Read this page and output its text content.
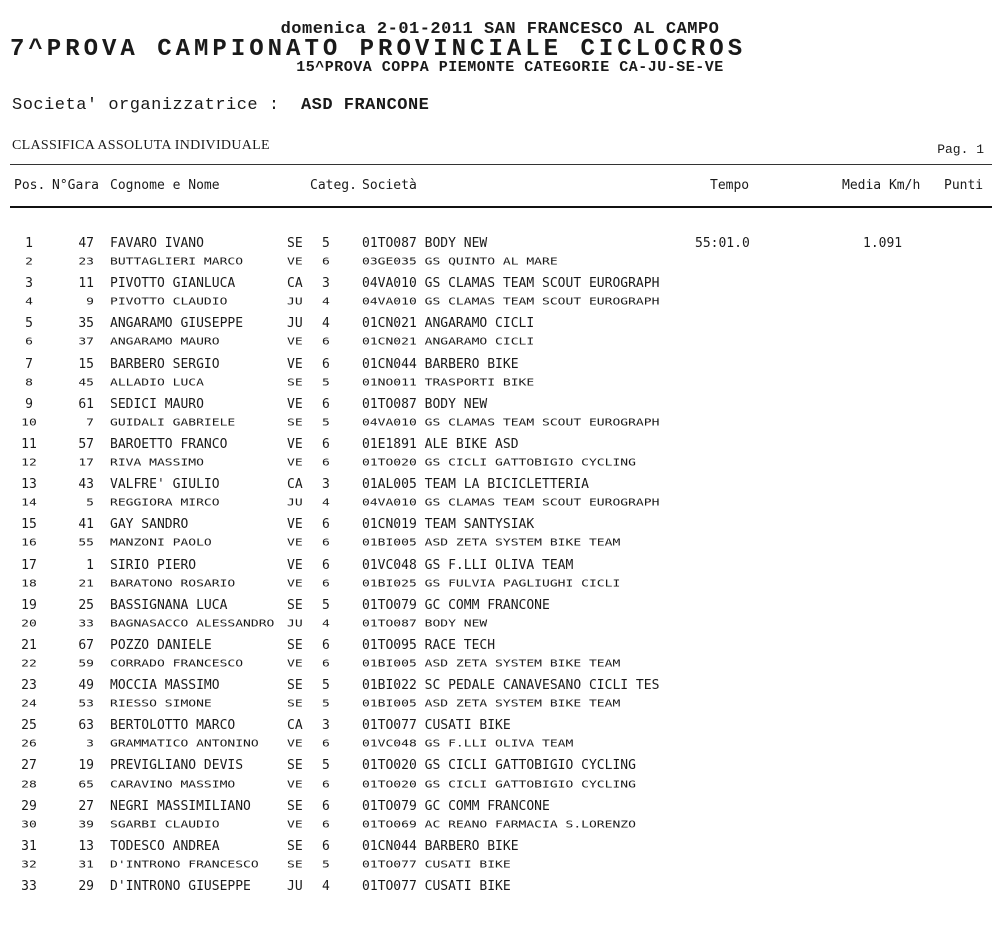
domenica 2-01-2011 SAN FRANCESCO AL CAMPO
7^PROVA CAMPIONATO PROVINCIALE CICLOCROS
15^PROVA COPPA PIEMONTE CATEGORIE CA-JU-SE-VE
Societa' organizzatrice : ASD FRANCONE
CLASSIFICA ASSOLUTA INDIVIDUALE	Pag. 1
Pos. N°Gara Cognome e Nome	Categ. Società	Tempo	Media Km/h Punti
1	47 FAVARO IVANO	SE 5 01TO087 BODY NEW	55:01.0	1.091
2	23 BUTTAGLIERI MARCO	VE 6 03GE035 GS QUINTO AL MARE
3	11 PIVOTTO GIANLUCA	CA 3 04VA010 GS CLAMAS TEAM SCOUT EUROGRAPH
4	9 PIVOTTO CLAUDIO	JU 4 04VA010 GS CLAMAS TEAM SCOUT EUROGRAPH
5	35 ANGARAMO GIUSEPPE	JU 4 01CN021 ANGARAMO CICLI
6	37 ANGARAMO MAURO	VE 6 01CN021 ANGARAMO CICLI
7	15 BARBERO SERGIO	VE 6 01CN044 BARBERO BIKE
8	45 ALLADIO LUCA	SE 5 01NO011 TRASPORTI BIKE
9	61 SEDICI MAURO	VE 6 01TO087 BODY NEW
10	7 GUIDALI GABRIELE	SE 5 04VA010 GS CLAMAS TEAM SCOUT EUROGRAPH
11	57 BAROETTO FRANCO	VE 6 01E1891 ALE BIKE ASD
12	17 RIVA MASSIMO	VE 6 01TO020 GS CICLI GATTOBIGIO CYCLING
13	43 VALFRE' GIULIO	CA 3 01AL005 TEAM LA BICICLETTERIA
14	5 REGGIORA MIRCO	JU 4 04VA010 GS CLAMAS TEAM SCOUT EUROGRAPH
15	41 GAY SANDRO	VE 6 01CN019 TEAM SANTYSIAK
16	55 MANZONI PAOLO	VE 6 01BI005 ASD ZETA SYSTEM BIKE TEAM
17	1 SIRIO PIERO	VE 6 01VC048 GS F.LLI OLIVA TEAM
18	21 BARATONO ROSARIO	VE 6 01BI025 GS FULVIA PAGLIUGHI CICLI
19	25 BASSIGNANA LUCA	SE 5 01TO079 GC COMM FRANCONE
20	33 BAGNASACCO ALESSANDRO JU 4 01TO087 BODY NEW
21	67 POZZO DANIELE	SE 6 01TO095 RACE TECH
22	59 CORRADO FRANCESCO	VE 6 01BI005 ASD ZETA SYSTEM BIKE TEAM
23	49 MOCCIA MASSIMO	SE 5 01BI022 SC PEDALE CANAVESANO CICLI TES
24	53 RIESSO SIMONE	SE 5 01BI005 ASD ZETA SYSTEM BIKE TEAM
25	63 BERTOLOTTO MARCO	CA 3 01TO077 CUSATI BIKE
26	3 GRAMMATICO ANTONINO VE 6 01VC048 GS F.LLI OLIVA TEAM
27	19 PREVIGLIANO DEVIS	SE 5 01TO020 GS CICLI GATTOBIGIO CYCLING
28	65 CARAVINO MASSIMO	VE 6 01TO020 GS CICLI GATTOBIGIO CYCLING
29	27 NEGRI MASSIMILIANO	SE 6 01TO079 GC COMM FRANCONE
30	39 SGARBI CLAUDIO	VE 6 01TO069 AC REANO FARMACIA S.LORENZO
31	13 TODESCO ANDREA	SE 6 01CN044 BARBERO BIKE
32	31 D'INTRONO FRANCESCO SE 5 01TO077 CUSATI BIKE
33	29 D'INTRONO GIUSEPPE	JU 4 01TO077 CUSATI BIKE
